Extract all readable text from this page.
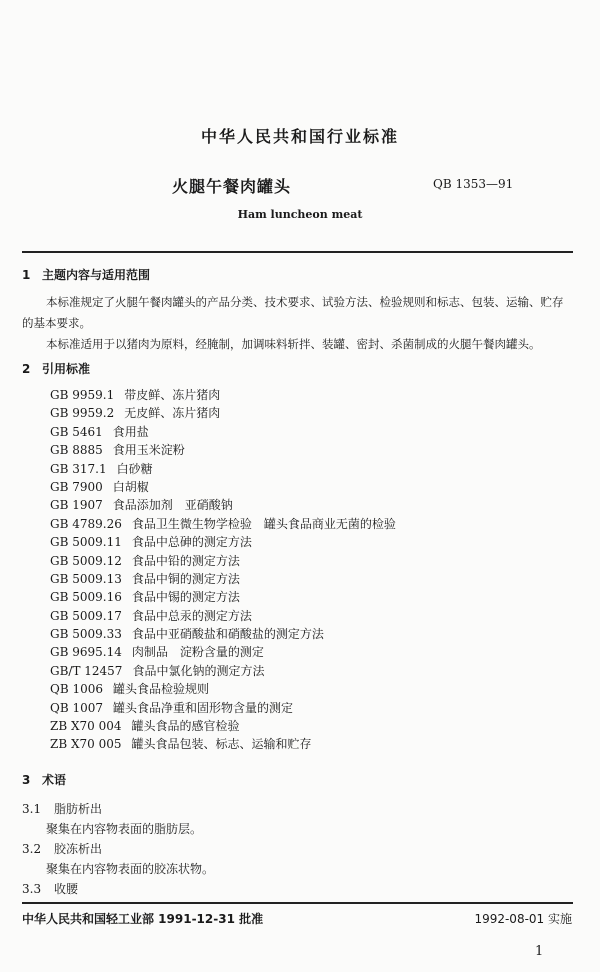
中华人民共和国行业标准
火腿午餐肉罐头	QB 1353—91
Ham luncheon meat
1 主题内容与适用范围
本标准规定了火腿午餐肉罐头的产品分类、技术要求、试验方法、检验规则和标志、包装、运输、贮存
的基本要求。
本标准适用于以猪肉为原料，经腌制，加调味料斩拌、装罐、密封、杀菌制成的火腿午餐肉罐头。
2 引用标准
GB 9959.1 带皮鲜、冻片猪肉
GB 9959.2 无皮鲜、冻片猪肉
GB 5461 食用盐
GB 8885 食用玉米淀粉
GB 317.1 白砂糖
GB 7900 白胡椒
GB 1907 食品添加剂　亚硝酸钠
GB 4789.26 食品卫生微生物学检验　罐头食品商业无菌的检验
GB 5009.11 食品中总砷的测定方法
GB 5009.12 食品中铅的测定方法
GB 5009.13 食品中铜的测定方法
GB 5009.16 食品中锡的测定方法
GB 5009.17 食品中总汞的测定方法
GB 5009.33 食品中亚硝酸盐和硝酸盐的测定方法
GB 9695.14 肉制品　淀粉含量的测定
GB/T 12457 食品中氯化钠的测定方法
QB 1006 罐头食品检验规则
QB 1007 罐头食品净重和固形物含量的测定
ZB X70 004 罐头食品的感官检验
ZB X70 005 罐头食品包装、标志、运输和贮存
3 术语
3.1 脂肪析出
聚集在内容物表面的脂肪层。
3.2 胶冻析出
聚集在内容物表面的胶冻状物。
3.3 收腰
中华人民共和国轻工业部 1991-12-31 批准	1992-08-01 实施
1
